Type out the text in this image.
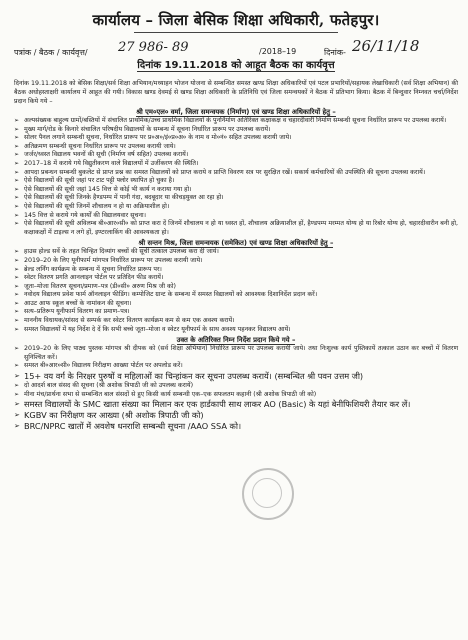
कार्यालय – जिला बेसिक शिक्षा अधिकारी, फतेहपुर।
पत्रांक / बैठक / कार्यवृत्त/ 27 986- 89	/2018–19	दिनांक- 26/11/18
दिनांक 19.11.2018 को आहूत बैठक का कार्यवृत्त
दिनांक 19.11.2018 को बेसिक शिक्षा/सर्व शिक्षा अभियान/मध्याहन भोजन योजना से सम्बन्धित समस्त खण्ड शिक्षा अधिकारियों एवं पटल प्रभारियों/सहायक लेखाधिकारी (सर्व शिक्षा अभियान) की बैठक अधोहस्ताक्षरी कार्यालय में आहूत की गयी। विकास खण्ड देवमई से खण्ड शिक्षा अधिकारी के प्रतिनिधि एवं जिला समन्वयकों ने बैठक में प्रतिभाग किया। बैठक में बिन्दुवार निम्नवत चर्चा/निर्देश प्रदान किये गये –
श्री एम०एल० वर्मा, जिला समन्वयक (निर्माण) एवं खण्ड शिक्षा अधिकारियों हेतु –
➢ अल्पसंख्यक बाहुल्य ग्रामों/बस्तियों में संचालित प्राथमिक/उच्च प्राथमिक विद्यालयों के पुनर्निर्माण अतिरिक्त कक्षाकक्ष व चहारदीवारी निर्माण सम्बन्धी सूचना निर्धारित प्रारूप पर उपलब्ध करायें।
➢ मुख्य मार्ग/रोड के किनारे संचालित परिषदीय विद्यालयों के सम्बन्ध में सूचना निर्धारित प्रारूप पर उपलब्ध करायें।
➢ सोलर पैनल लगाने सम्बन्धी सूचना, निर्धारित प्रारूप पर प्र०अ०/इं०प्र०अ० के नाम व मो०नं० सहित उपलब्ध करायी जाये।
➢ अतिक्रमण सम्बन्धी सूचना निर्धारित प्रारूप पर उपलब्ध करायी जाये।
➢ जर्जर/ध्वस्त विद्यालय भवनों की सूची (निर्माण वर्ष सहित) उपलब्ध करायें।
➢ 2017–18 में कराये गये विद्युतीकरण वाले विद्यालयों में उर्जीकरण की स्थिति।
➢ आपदा प्रबन्धन सम्बन्धी बुकलेट से प्राप्त प्रश्न का समस्त विद्यालयों को प्राप्त कराये व प्राप्ति विवरण सत्र पर सुरक्षित रखें। सकार्य कर्मचारियों की उपस्थिति की सूचना उपलब्ध करायें।
➢ ऐसे विद्यालयों की सूची जहां पर टाट पट्टी फ्लोर स्थापित हो चुका है।
➢ ऐसे विद्यालयों की सूची जहां 145 वित्त से कोई भी कार्य न कराया गया हो।
➢ ऐसे विद्यालयों की सूची जिनके हैण्डपम्प में पानी गंदा, बदबूदार या कीचड़युक्त आ रहा हो।
➢ ऐसे विद्यालयों की सूची जिनमें शौचालय न हो या अक्रियाशील हो।
➢ 145 वित्त से कराये गये कार्यों की विद्यालयवार सूचना।
➢ ऐसे विद्यालयों की सूची अविलम्ब बी०आर०सी० को प्राप्त करा दें जिनमें शौचालय न हो या ध्वस्त हों, शौचालय अक्रियाशील हों, हैण्डपम्प मरम्मत योग्य हो या रिबोर योग्य हो, चहारदीवारीन बनी हो, कक्षाकक्षों में टाइल्स न लगे हों, इण्टरलाकिंग की आवश्यकता हो।
श्री सन्तन मिश्र, जिला समन्वयक (समेकित) एवं खण्ड शिक्षा अधिकारियों हेतु –
➢ हाउस होल्ड सर्वे के तहत चिन्हित दिव्यांग बच्चों की सूची तत्काल उपलब्ध करा दी जाये।
➢ 2019–20 के लिए यूनीफार्म मांगपत्र निर्धारित प्रारूप पर उपलब्ध करायी जाये।
➢ ब्रेल्ड लर्निंग कार्यक्रम के सम्बन्ध में सूचना निर्धारित प्रारूप पर।
➢ स्वेटर वितरण प्रगति आनलाइन पोर्टल पर प्रतिदिन फीड करायें।
➢ जूता–मोजा वितरण सूचना/प्रमाण–पत्र (डी०सी० अरुण मिश्र जी को)
➢ नवोदय विद्यालय प्रवेश फार्म ऑनलाइन फीडिंग। कम्पोजिट ग्रान्ट के सम्बन्ध में समस्त विद्यालयों को आवश्यक दिशानिर्देश प्रदान करें।
➢ आउट आफ स्कूल बच्चों के नामांकन की सूचना।
➢ सत्य–प्रतिरूप यूनीफार्म वितरण का प्रमाण–पत्र।
➢ माननीय विधायक/सांसद से सम्पर्क कर स्वेटर वितरण कार्यक्रम कम से कम एक अवश्य करायें।
➢ समस्त विद्यालयों में यह निर्देश दे दें कि सभी बच्चे जूता–मोजा व स्वेटर यूनीफार्म के साथ अवश्य पहनकर विद्यालय आयें।
उक्त के अतिरिक्त निम्न निर्देश प्रदान किये गये –
➢ 2019–20 के लिए पाठ्य पुस्तक मांगपत्र श्री दीपक को (सर्व शिक्षा अभियान) निर्धारित प्रारूप पर उपलब्ध करायी जाये। तथा निःशुल्क कार्य पुस्तिकायें तत्काल उठान कर बच्चों में वितरण सुनिश्चित करें।
➢ समस्त बी०आर०सी० विद्यालय निरीक्षण आख्या पोर्टल पर अपलोड करें।
➢ 15+ वय वर्ग के निरक्षर पुरुषों व महिलाओं का चिन्हांकन कर सूचना उपलब्ध करायें। (सम्बन्धित श्री पवन उत्तम जी)
➢ दो आदर्श बाल संसद की सूचना (श्री अशोक त्रिपाठी जी को उपलब्ध करायें)
➢ मीना मंच/प्रार्थना सभा से सम्बन्धित बाल संसदों से हुए किसी कार्य सम्बन्धी एक–एक सफलतम कहानी (श्री अशोक त्रिपाठी जी को)
➢ समस्त विद्यालयों के SMC खाता संख्या का मिलान कर एक हार्डकापी साथ लाकर AO (Basic) के यहां बेनीफिशियरी तैयार कर लें।
➢ KGBV का निरीक्षण कर आख्या (श्री अशोक त्रिपाठी जी को)
➢ BRC/NPRC खातों में अवशेष धनराशि सम्बन्धी सूचना /AAO SSA को।
